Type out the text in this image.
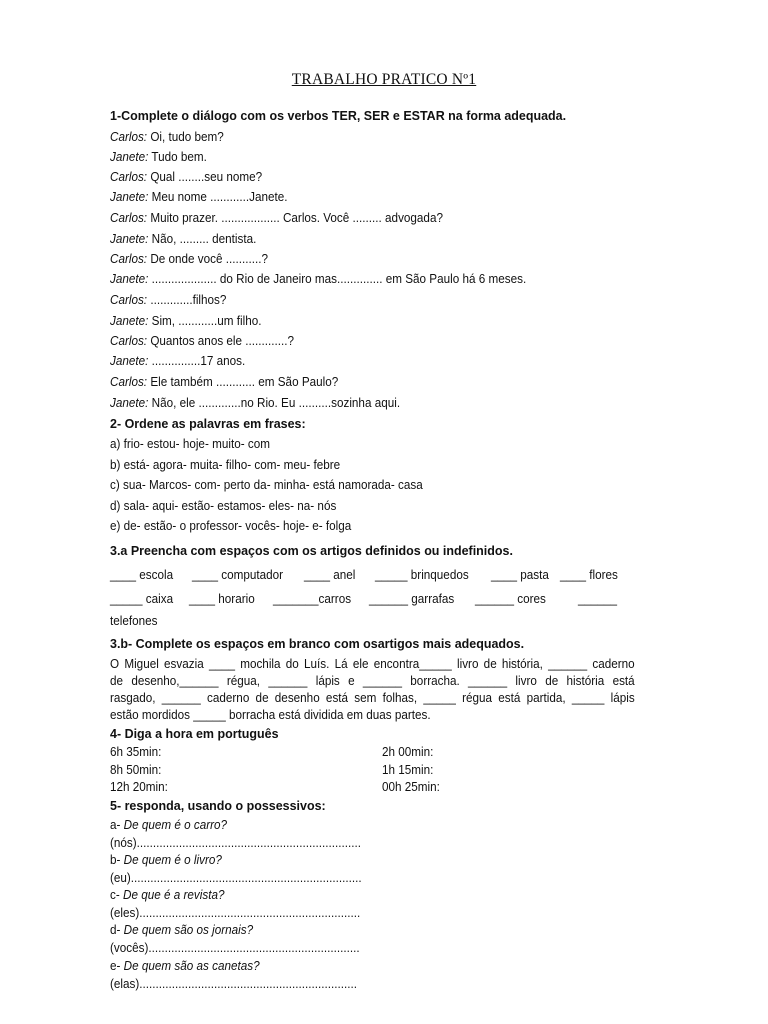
TRABALHO PRATICO Nº1
1-Complete o diálogo com os verbos TER, SER e ESTAR na forma adequada.
Carlos: Oi, tudo bem?
Janete: Tudo bem.
Carlos: Qual ........seu nome?
Janete: Meu nome ............Janete.
Carlos: Muito prazer. .................. Carlos. Você ......... advogada?
Janete: Não, ......... dentista.
Carlos: De onde você ...........?
Janete: .................... do Rio de Janeiro mas.............. em São Paulo há 6 meses.
Carlos: .............filhos?
Janete: Sim, ............um filho.
Carlos: Quantos anos ele .............?
Janete: ...............17 anos.
Carlos: Ele também ............ em São Paulo?
Janete: Não, ele .............no Rio. Eu ..........sozinha aqui.
2- Ordene as palavras em frases:
a) frio- estou- hoje- muito- com
b) está- agora- muita- filho- com- meu- febre
c) sua- Marcos- com- perto da- minha- está namorada- casa
d) sala- aqui- estão- estamos- eles- na- nós
e) de- estão- o professor- vocês- hoje- e- folga
3.a Preencha com espaços com os artigos definidos ou indefinidos.
____ escola ____ computador ____ anel _____ brinquedos ____ pasta ____ flores
_____ caixa ____ horario _______carros ______ garrafas ______ cores ______
telefones
3.b- Complete os espaços em branco com osartigos mais adequados.
O Miguel esvazia ____ mochila do Luís. Lá ele encontra_____ livro de história, ______ caderno
de desenho,______ régua, ______ lápis e ______ borracha. ______ livro de história está
rasgado, ______ caderno de desenho está sem folhas, _____ régua está partida, _____ lápis
estão mordidos _____ borracha está dividida em duas partes.
4- Diga a hora em português
6h 35min:
8h 50min:
12h 20min:
2h 00min:
1h 15min:
00h 25min:
5- responda, usando o possessivos:
a- De quem é o carro?
(nós).....................................................................
b- De quem é o livro?
(eu).......................................................................
c- De que é a revista?
(eles)....................................................................
d- De quem são os jornais?
(vocês).................................................................
e- De quem são as canetas?
(elas)...................................................................
